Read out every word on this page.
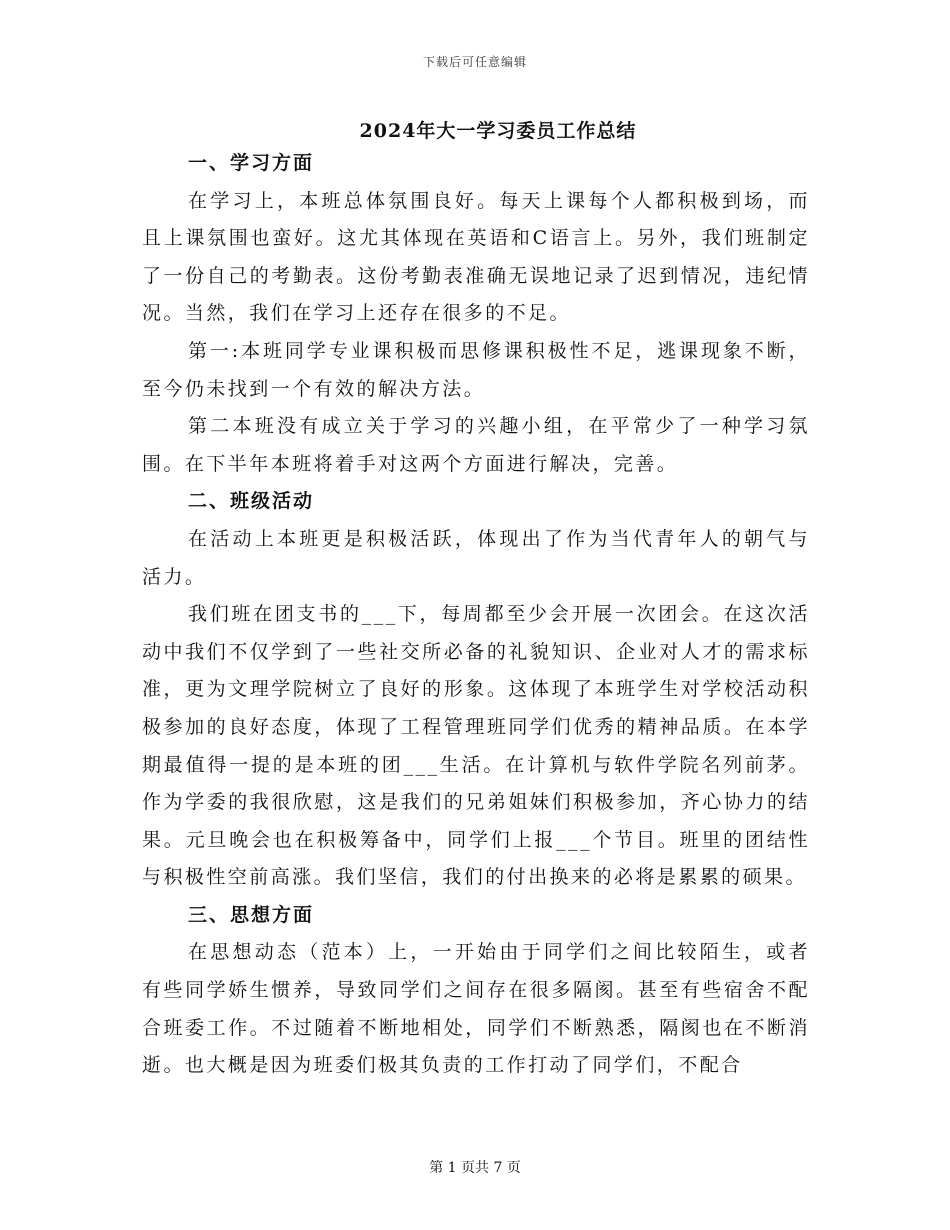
下载后可任意编辑
2024年大一学习委员工作总结

一、学习方面

在学习上，本班总体氛围良好。每天上课每个人都积极到场，而且上课氛围也蛮好。这尤其体现在英语和C语言上。另外，我们班制定了一份自己的考勤表。这份考勤表准确无误地记录了迟到情况，违纪情况。当然，我们在学习上还存在很多的不足。

第一:本班同学专业课积极而思修课积极性不足，逃课现象不断，至今仍未找到一个有效的解决方法。

第二本班没有成立关于学习的兴趣小组，在平常少了一种学习氛围。在下半年本班将着手对这两个方面进行解决，完善。

二、班级活动

在活动上本班更是积极活跃，体现出了作为当代青年人的朝气与活力。

我们班在团支书的___下，每周都至少会开展一次团会。在这次活动中我们不仅学到了一些社交所必备的礼貌知识、企业对人才的需求标准，更为文理学院树立了良好的形象。这体现了本班学生对学校活动积极参加的良好态度，体现了工程管理班同学们优秀的精神品质。在本学期最值得一提的是本班的团___生活。在计算机与软件学院名列前茅。作为学委的我很欣慰，这是我们的兄弟姐妹们积极参加，齐心协力的结果。元旦晚会也在积极筹备中，同学们上报___个节目。班里的团结性与积极性空前高涨。我们坚信，我们的付出换来的必将是累累的硕果。

三、思想方面

在思想动态（范本）上，一开始由于同学们之间比较陌生，或者有些同学娇生惯养，导致同学们之间存在很多隔阂。甚至有些宿舍不配合班委工作。不过随着不断地相处，同学们不断熟悉，隔阂也在不断消逝。也大概是因为班委们极其负责的工作打动了同学们，不配合

第 1 页共 7 页
